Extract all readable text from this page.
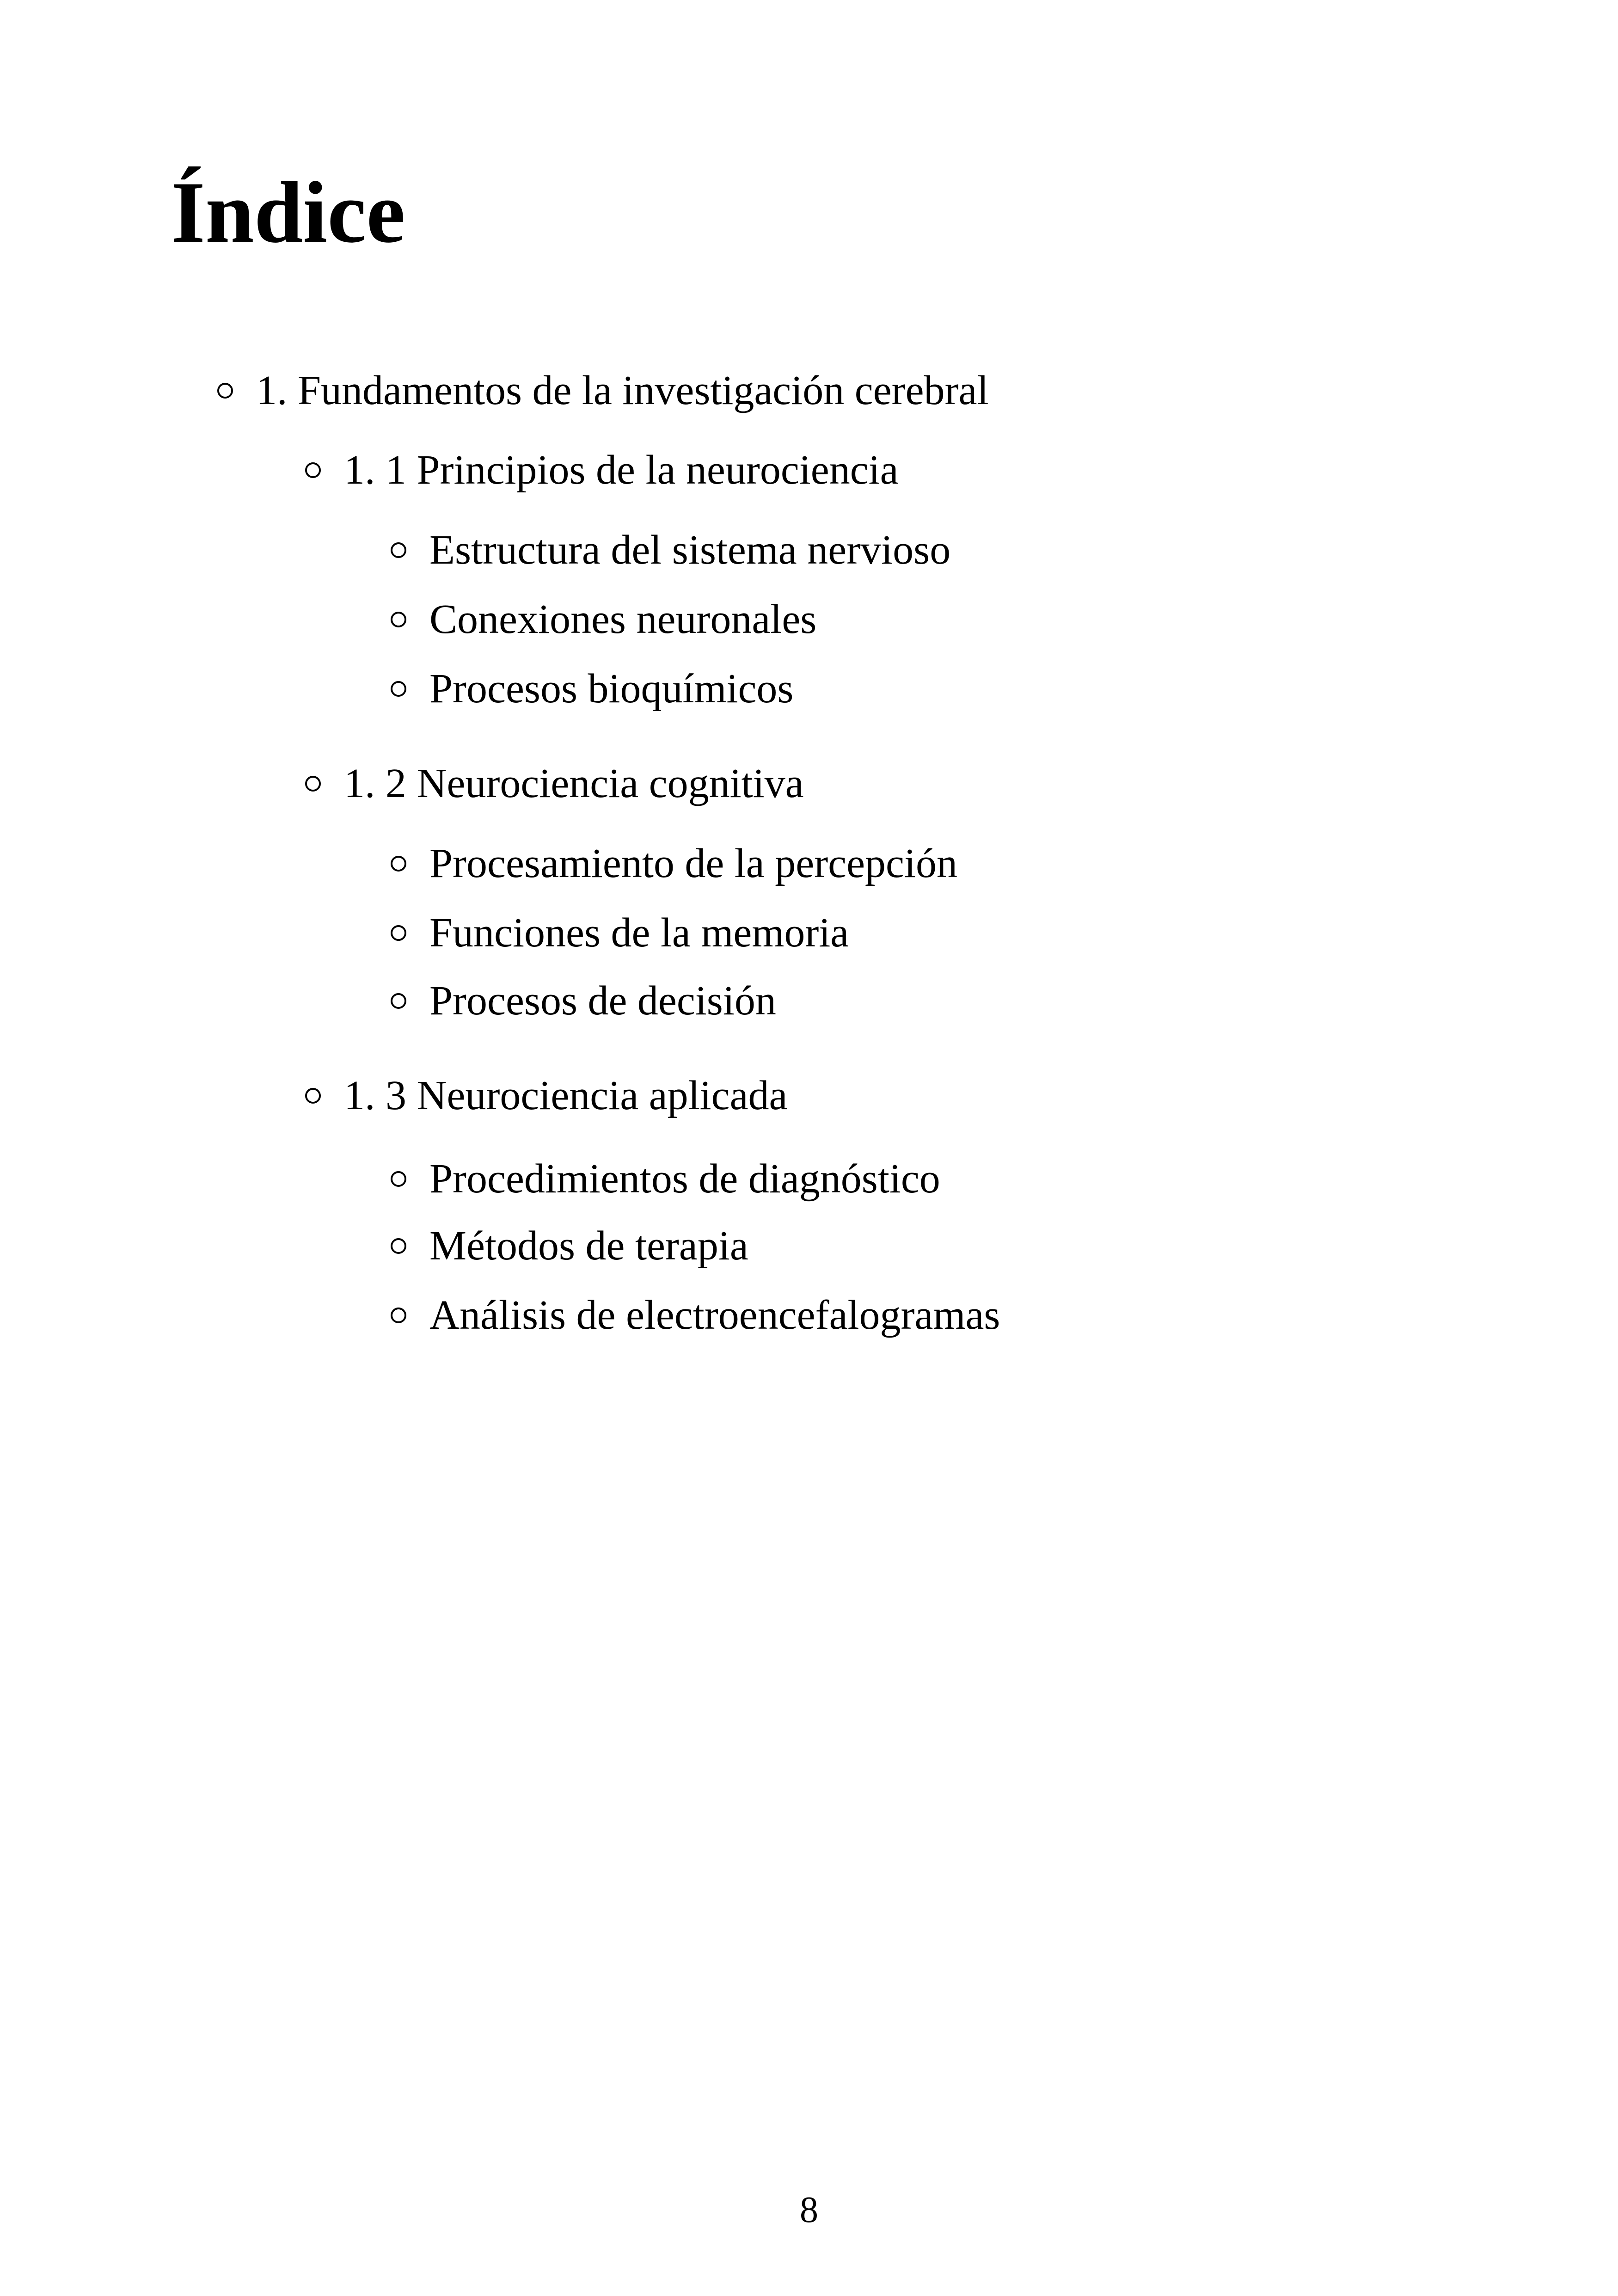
Índice
1. Fundamentos de la investigación cerebral
1. 1 Principios de la neurociencia
Estructura del sistema nervioso
Conexiones neuronales
Procesos bioquímicos
1. 2 Neurociencia cognitiva
Procesamiento de la percepción
Funciones de la memoria
Procesos de decisión
1. 3 Neurociencia aplicada
Procedimientos de diagnóstico
Métodos de terapia
Análisis de electroencefalogramas
8
